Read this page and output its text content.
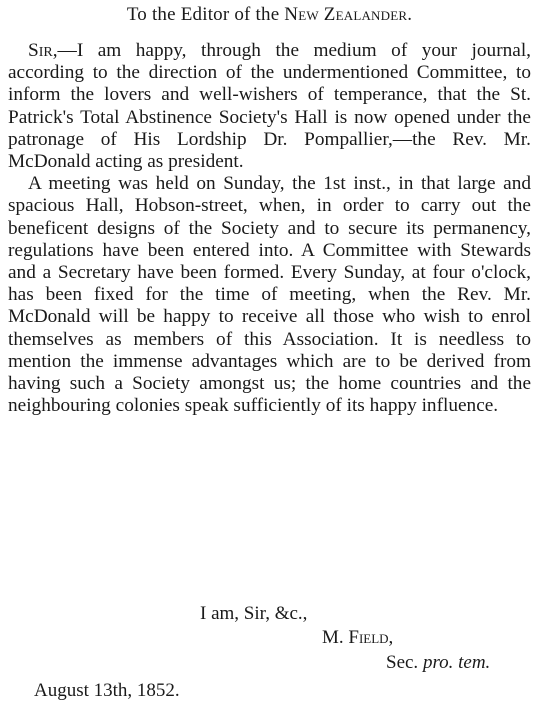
To the Editor of the New Zealander.

Sir,—I am happy, through the medium of your journal, according to the direction of the undermentioned Committee, to inform the lovers and well-wishers of temperance, that the St. Patrick's Total Abstinence Society's Hall is now opened under the patronage of His Lordship Dr. Pompallier,—the Rev. Mr. McDonald acting as president.

A meeting was held on Sunday, the 1st inst., in that large and spacious Hall, Hobson-street, when, in order to carry out the beneficent designs of the Society and to secure its permanency, regulations have been entered into. A Committee with Stewards and a Secretary have been formed. Every Sunday, at four o'clock, has been fixed for the time of meeting, when the Rev. Mr. McDonald will be happy to receive all those who wish to enrol themselves as members of this Association. It is needless to mention the immense advantages which are to be derived from having such a Society amongst us; the home countries and the neighbouring colonies speak sufficiently of its happy influence.

I am, Sir, &c.,
M. Field,
Sec. pro. tem.
August 13th, 1852.
